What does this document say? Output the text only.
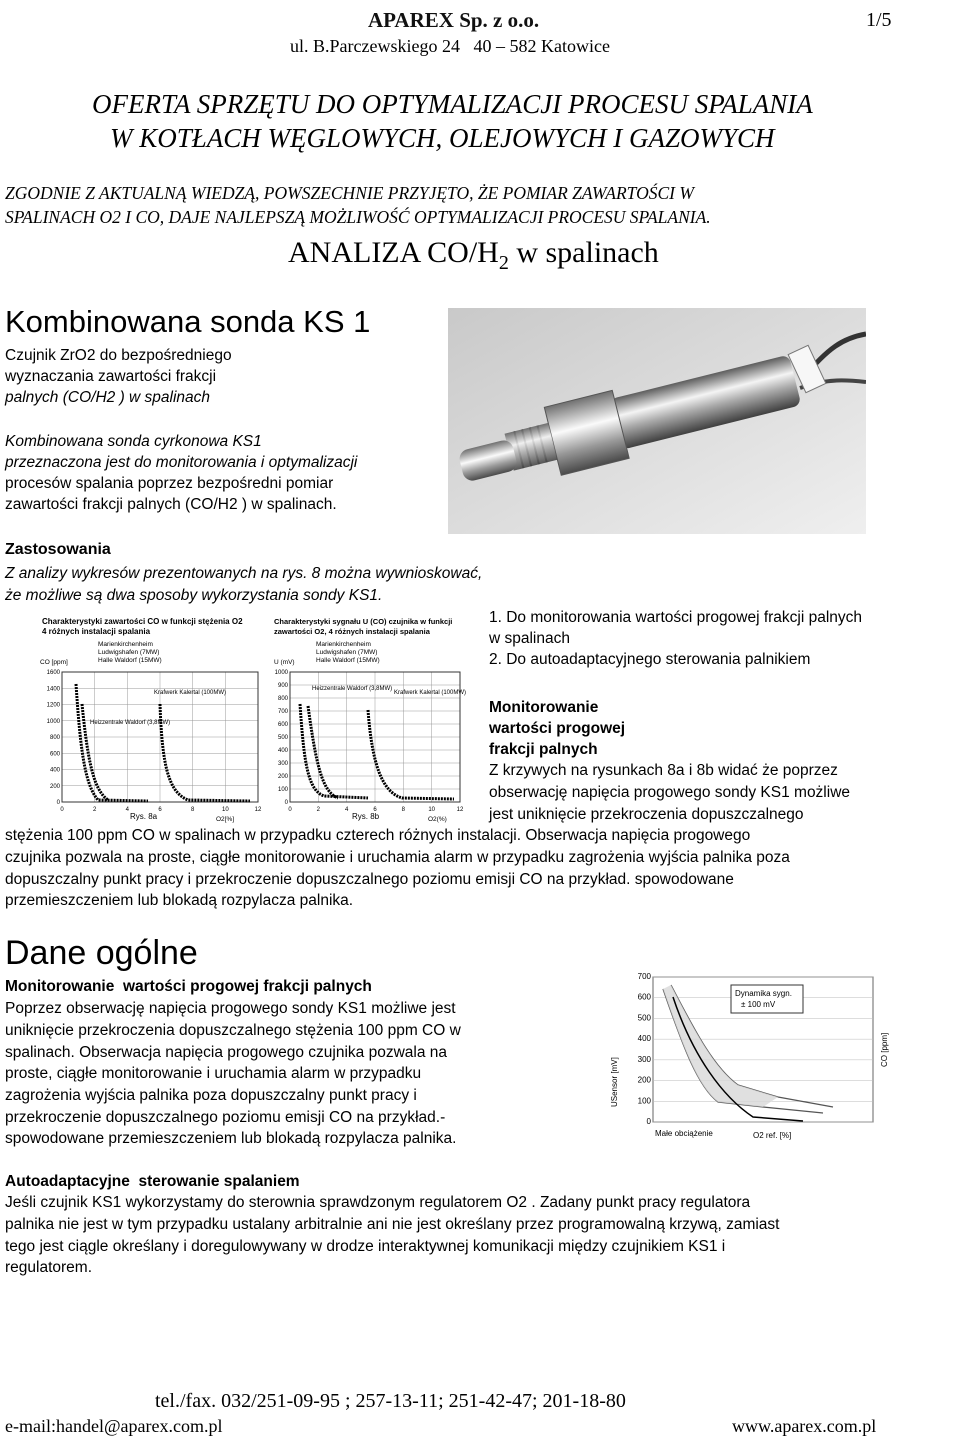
APAREX Sp. z o.o.	1/5
ul. B.Parczewskiego 24   40 – 582 Katowice
OFERTA SPRZĘTU DO OPTYMALIZACJI PROCESU SPALANIA
W KOTŁACH WĘGLOWYCH, OLEJOWYCH I GAZOWYCH
ZGODNIE Z AKTUALNĄ WIEDZĄ, POWSZECHNIE PRZYJĘTO, ŻE POMIAR ZAWARTOŚCI W
SPALINACH O2 I CO, DAJE NAJLEPSZĄ MOŻLIWOŚĆ OPTYMALIZACJI PROCESU SPALANIA.
ANALIZA $CO/H_2$ w spalinach
Kombinowana sonda KS 1
Czujnik ZrO2 do bezpośredniego
wyznaczania zawartości frakcji
palnych (CO/H2 ) w spalinach
Kombinowana sonda cyrkonowa KS1
przeznaczona jest do monitorowania i optymalizacji
procesów spalania poprzez bezpośredni pomiar
zawartości frakcji palnych (CO/H2 ) w spalinach.
Zastosowania
Z analizy wykresów prezentowanych na rys. 8 można wywnioskować,
że możliwe są dwa sposoby wykorzystania sondy KS1.
Charakterystyki zawartości CO w funkcji stężenia O2
4 różnych instalacji spalania
Marienkirchenheim
Ludwigshafen (7MW)
Halle Waldorf (15MW)
CO [ppm]
1600
1400
1200
1000
800
600
400
200
0
0	2	4	6	8	10	12
O2[%]
Krafwerk Kalertal (100MW)
Heizzentrale Waldorf (3,8MW)
Rys. 8a
Charakterystyki sygnału U (CO) czujnika w funkcji
zawartości O2, 4 różnych instalacji spalania
Marienkirchenheim
Ludwigshafen (7MW)
Halle Waldorf (15MW)
U (mV)
1000
900
800
700
600
500
400
300
200
100
0
0	2	4	6	8	10	12
O2(%)
Heizzentrale Waldorf (3,8MW)
Krafwerk Kalertal (100MW)
Rys. 8b
1. Do monitorowania wartości progowej frakcji palnych
w spalinach
2. Do autoadaptacyjnego sterowania palnikiem
Monitorowanie
wartości progowej
frakcji palnych
Z krzywych na rysunkach 8a i 8b widać że poprzez
obserwację napięcia progowego sondy KS1 możliwe
jest uniknięcie przekroczenia dopuszczalnego
stężenia 100 ppm CO w spalinach w przypadku czterech różnych instalacji. Obserwacja napięcia progowego
czujnika pozwala na proste, ciągłe monitorowanie i uruchamia alarm w przypadku zagrożenia wyjścia palnika poza
dopuszczalny punkt pracy i przekroczenie dopuszczalnego poziomu emisji CO na przykład. spowodowane
przemieszczeniem lub blokadą rozpylacza palnika.
Dane ogólne
Monitorowanie  wartości progowej frakcji palnych
Poprzez obserwację napięcia progowego sondy KS1 możliwe jest
uniknięcie przekroczenia dopuszczalnego stężenia 100 ppm CO w
spalinach. Obserwacja napięcia progowego czujnika pozwala na
proste, ciągłe monitorowanie i uruchamia alarm w przypadku
zagrożenia wyjścia palnika poza dopuszczalny punkt pracy i
przekroczenie dopuszczalnego poziomu emisji CO na przykład.-
spowodowane przemieszczeniem lub blokadą rozpylacza palnika.
700
600
500
400
300
200
100
0
USensor [mV]
CO [ppm]
Dynamika sygn.
± 100 mV
Małe obciążenie	O2 ref. [%]
Autoadaptacyjne  sterowanie spalaniem
Jeśli czujnik KS1 wykorzystamy do sterownia sprawdzonym regulatorem O2 . Zadany punkt pracy regulatora
palnika nie jest w tym przypadku ustalany arbitralnie ani nie jest określany przez programowalną krzywą, zamiast
tego jest ciągle określany i doregulowywany w drodze interaktywnej komunikacji między czujnikiem KS1 i
regulatorem.
tel./fax. 032/251-09-95 ; 257-13-11; 251-42-47; 201-18-80
e-mail:handel@aparex.com.pl	www.aparex.com.pl
